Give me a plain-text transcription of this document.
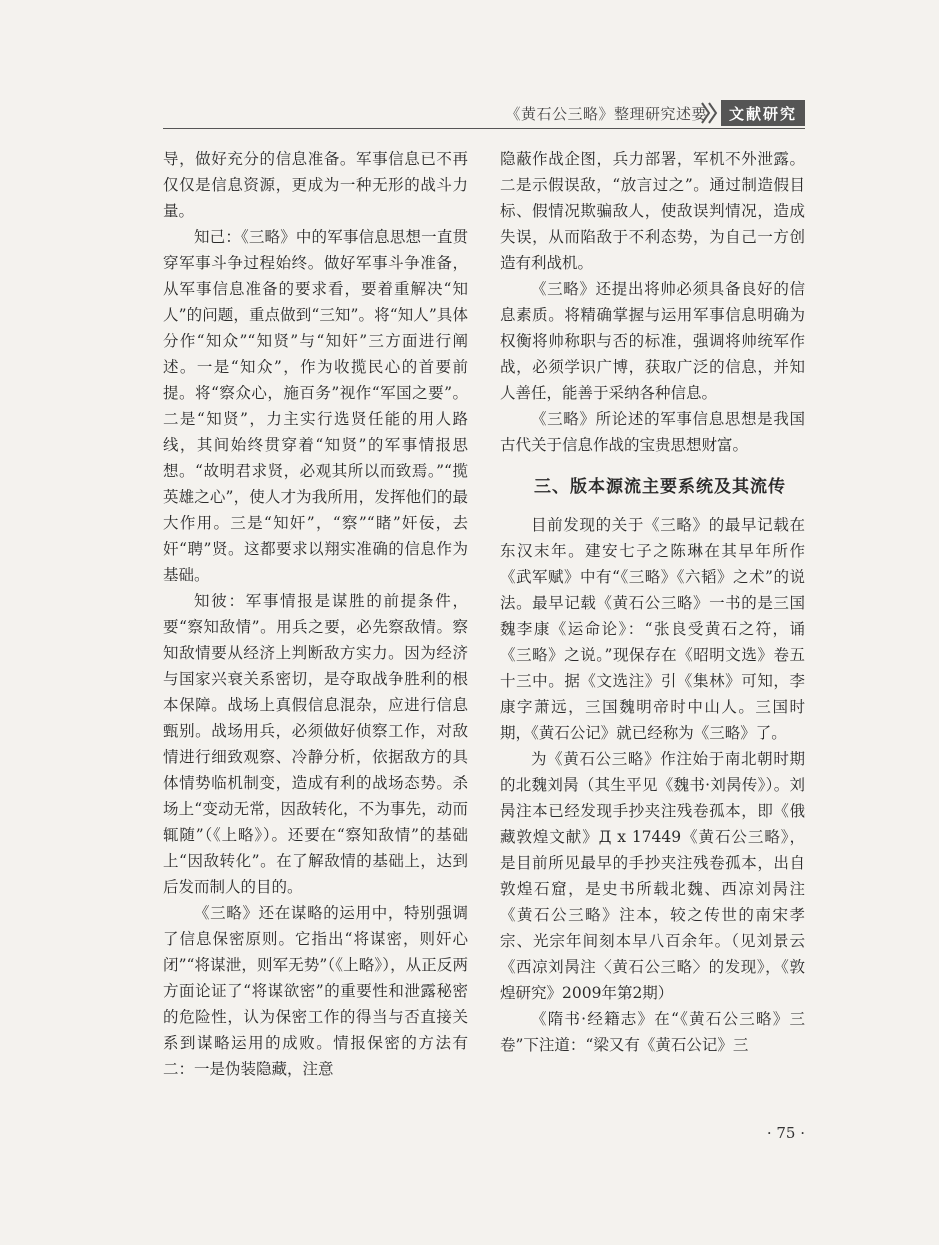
《黄石公三略》整理研究述要	文献研究

导，做好充分的信息准备。军事信息已不再仅仅是信息资源，更成为一种无形的战斗力量。

知己：《三略》中的军事信息思想一直贯穿军事斗争过程始终。做好军事斗争准备，从军事信息准备的要求看，要着重解决“知人”的问题，重点做到“三知”。将“知人”具体分作“知众”“知贤”与“知奸”三方面进行阐述。一是“知众”，作为收揽民心的首要前提。将“察众心，施百务”视作“军国之要”。二是“知贤”，力主实行选贤任能的用人路线，其间始终贯穿着“知贤”的军事情报思想。“故明君求贤，必观其所以而致焉。”“揽英雄之心”，使人才为我所用，发挥他们的最大作用。三是“知奸”，“察”“睹”奸佞，去奸“聘”贤。这都要求以翔实准确的信息作为基础。

知彼：军事情报是谋胜的前提条件，要“察知敌情”。用兵之要，必先察敌情。察知敌情要从经济上判断敌方实力。因为经济与国家兴衰关系密切，是夺取战争胜利的根本保障。战场上真假信息混杂，应进行信息甄别。战场用兵，必须做好侦察工作，对敌情进行细致观察、冷静分析，依据敌方的具体情势临机制变，造成有利的战场态势。杀场上“变动无常，因敌转化，不为事先，动而辄随”（《上略》）。还要在“察知敌情”的基础上“因敌转化”。在了解敌情的基础上，达到后发而制人的目的。

《三略》还在谋略的运用中，特别强调了信息保密原则。它指出“将谋密，则奸心闭”“将谋泄，则军无势”（《上略》），从正反两方面论证了“将谋欲密”的重要性和泄露秘密的危险性，认为保密工作的得当与否直接关系到谋略运用的成败。情报保密的方法有二：一是伪装隐藏，注意

隐蔽作战企图，兵力部署，军机不外泄露。二是示假误敌，“放言过之”。通过制造假目标、假情况欺骗敌人，使敌误判情况，造成失误，从而陷敌于不利态势，为自己一方创造有利战机。

《三略》还提出将帅必须具备良好的信息素质。将精确掌握与运用军事信息明确为权衡将帅称职与否的标准，强调将帅统军作战，必须学识广博，获取广泛的信息，并知人善任，能善于采纳各种信息。

《三略》所论述的军事信息思想是我国古代关于信息作战的宝贵思想财富。

三、版本源流主要系统及其流传

目前发现的关于《三略》的最早记载在东汉末年。建安七子之陈琳在其早年所作《武军赋》中有“《三略》《六韬》之术”的说法。最早记载《黄石公三略》一书的是三国魏李康《运命论》：“张良受黄石之符，诵《三略》之说。”现保存在《昭明文选》卷五十三中。据《文选注》引《集林》可知，李康字萧远，三国魏明帝时中山人。三国时期，《黄石公记》就已经称为《三略》了。

为《黄石公三略》作注始于南北朝时期的北魏刘昺（其生平见《魏书·刘昺传》）。刘昺注本已经发现手抄夹注残卷孤本，即《俄藏敦煌文献》Д x 17449《黄石公三略》，是目前所见最早的手抄夹注残卷孤本，出自敦煌石窟，是史书所载北魏、西凉刘昺注《黄石公三略》注本，较之传世的南宋孝宗、光宗年间刻本早八百余年。（见刘景云《西凉刘昺注〈黄石公三略〉的发现》，《敦煌研究》2009年第2期）

《隋书·经籍志》在“《黄石公三略》三卷”下注道：“梁又有《黄石公记》三

· 75 ·
